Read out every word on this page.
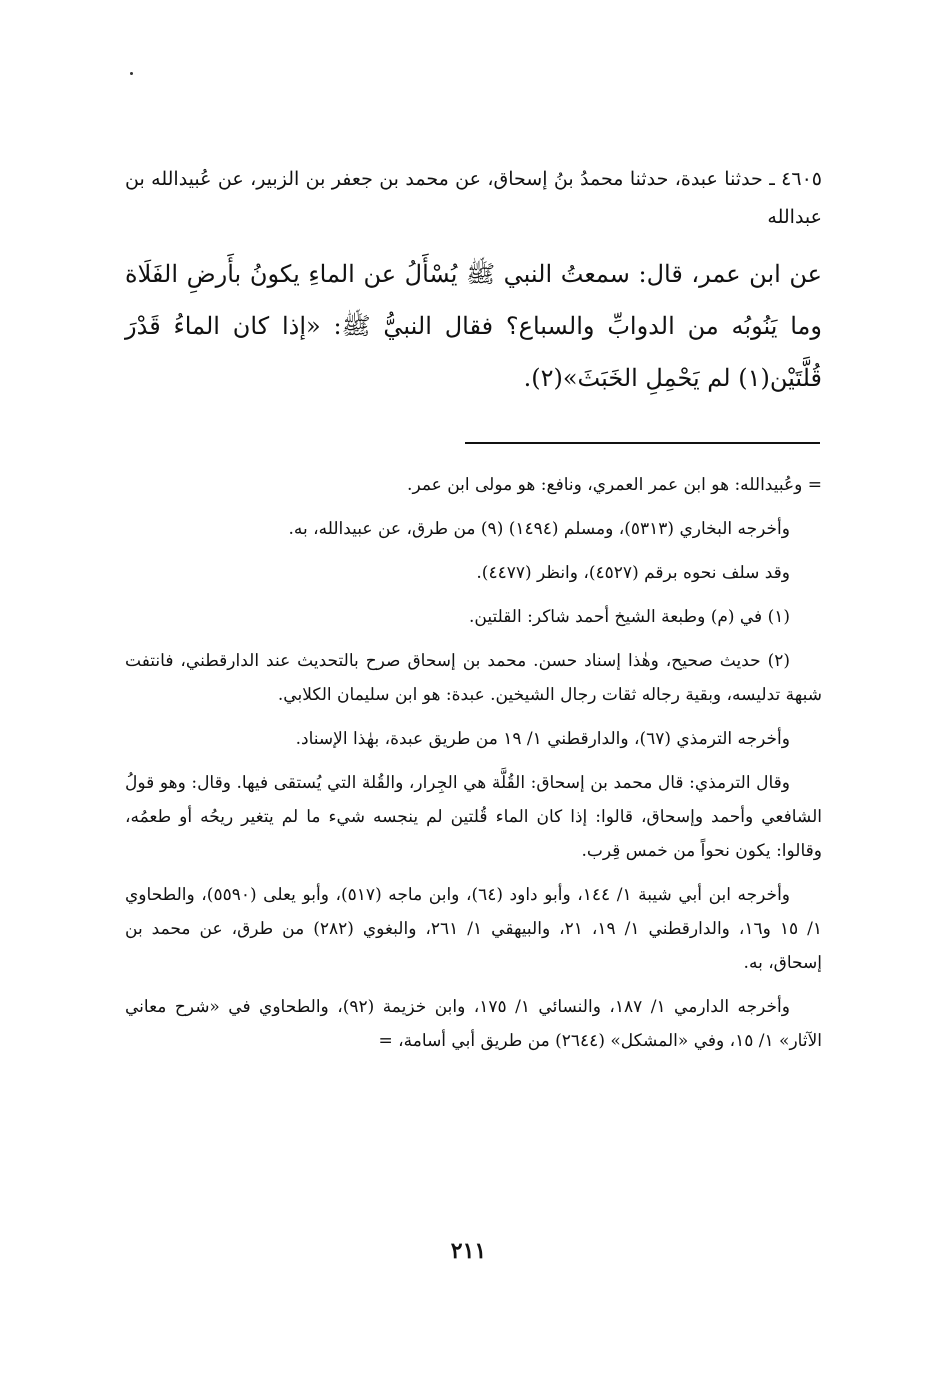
٤٦٠٥ ـ حدثنا عبدة، حدثنا محمدُ بنُ إسحاق، عن محمد بن جعفر بن الزبير، عن عُبيدالله بن عبدالله

عن ابن عمر، قال: سمعتُ النبي ﷺ يُسْأَلُ عن الماءِ يكونُ بأَرضِ الفَلَاة وما يَنُوبُه من الدوابِّ والسباع؟ فقال النبيُّ ﷺ: «إذا كان الماءُ قَدْرَ قُلَّتَيْن(١) لم يَحْمِلِ الخَبَثَ»(٢).

= وعُبيدالله: هو ابن عمر العمري، ونافع: هو مولى ابن عمر.

وأخرجه البخاري (٥٣١٣)، ومسلم (١٤٩٤) (٩) من طرق، عن عبيدالله، به.

وقد سلف نحوه برقم (٤٥٢٧)، وانظر (٤٤٧٧).

(١) في (م) وطبعة الشيخ أحمد شاكر: القلتين.

(٢) حديث صحيح، وهٰذا إسناد حسن. محمد بن إسحاق صرح بالتحديث عند الدارقطني، فانتفت شبهة تدليسه، وبقية رجاله ثقات رجال الشيخين. عبدة: هو ابن سليمان الكلابي.

وأخرجه الترمذي (٦٧)، والدارقطني ١/ ١٩ من طريق عبدة، بهٰذا الإسناد.

وقال الترمذي: قال محمد بن إسحاق: القُلَّة هي الجِرار، والقُلة التي يُستقى فيها. وقال: وهو قولُ الشافعي وأحمد وإسحاق، قالوا: إذا كان الماء قُلتين لم ينجسه شيء ما لم يتغير ريحُه أو طعمُه، وقالوا: يكون نحواً من خمس قِرب.

وأخرجه ابن أبي شيبة ١/ ١٤٤، وأبو داود (٦٤)، وابن ماجه (٥١٧)، وأبو يعلى (٥٥٩٠)، والطحاوي ١/ ١٥ و١٦، والدارقطني ١/ ١٩، ٢١، والبيهقي ١/ ٢٦١، والبغوي (٢٨٢) من طرق، عن محمد بن إسحاق، به.

وأخرجه الدارمي ١/ ١٨٧، والنسائي ١/ ١٧٥، وابن خزيمة (٩٢)، والطحاوي في «شرح معاني الآثار» ١/ ١٥، وفي «المشكل» (٢٦٤٤) من طريق أبي أسامة، =

٢١١
